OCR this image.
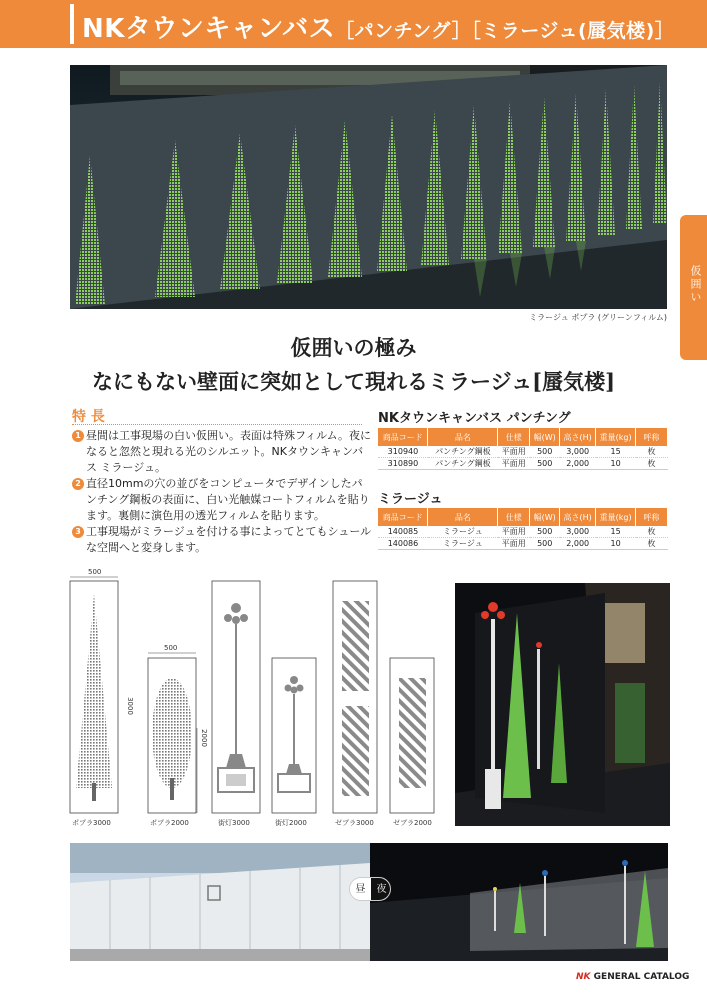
NKタウンキャンバス［パンチング］［ミラージュ(蜃気楼)］
ミラージュ ポプラ (グリーンフィルム)
仮囲い
仮囲いの極み
なにもない壁面に突如として現れるミラージュ[蜃気楼]
特 長
1 昼間は工事現場の白い仮囲い。表面は特殊フィルム。夜になると忽然と現れる光のシルエット。NKタウンキャンバス ミラージュ。
2 直径10mmの穴の並びをコンピュータでデザインしたパンチング鋼板の表面に、白い光触媒コートフィルムを貼ります。裏側に演色用の透光フィルムを貼ります。
3 工事現場がミラージュを付ける事によってとてもシュールな空間へと変身します。
NKタウンキャンバス パンチング
商品コード	品名	仕様	幅(W)	高さ(H)	重量(kg)	呼称
310940	パンチング鋼板	平面用	500	3,000	15	枚
310890	パンチング鋼板	平面用	500	2,000	10	枚
ミラージュ
商品コード	品名	仕様	幅(W)	高さ(H)	重量(kg)	呼称
140085	ミラージュ	平面用	500	3,000	15	枚
140086	ミラージュ	平面用	500	2,000	10	枚
500
500
3000
2000
ポプラ3000	ポプラ2000	街灯3000	街灯2000	ゼブラ3000	ゼブラ2000
昼	夜
NK GENERAL CATALOG
